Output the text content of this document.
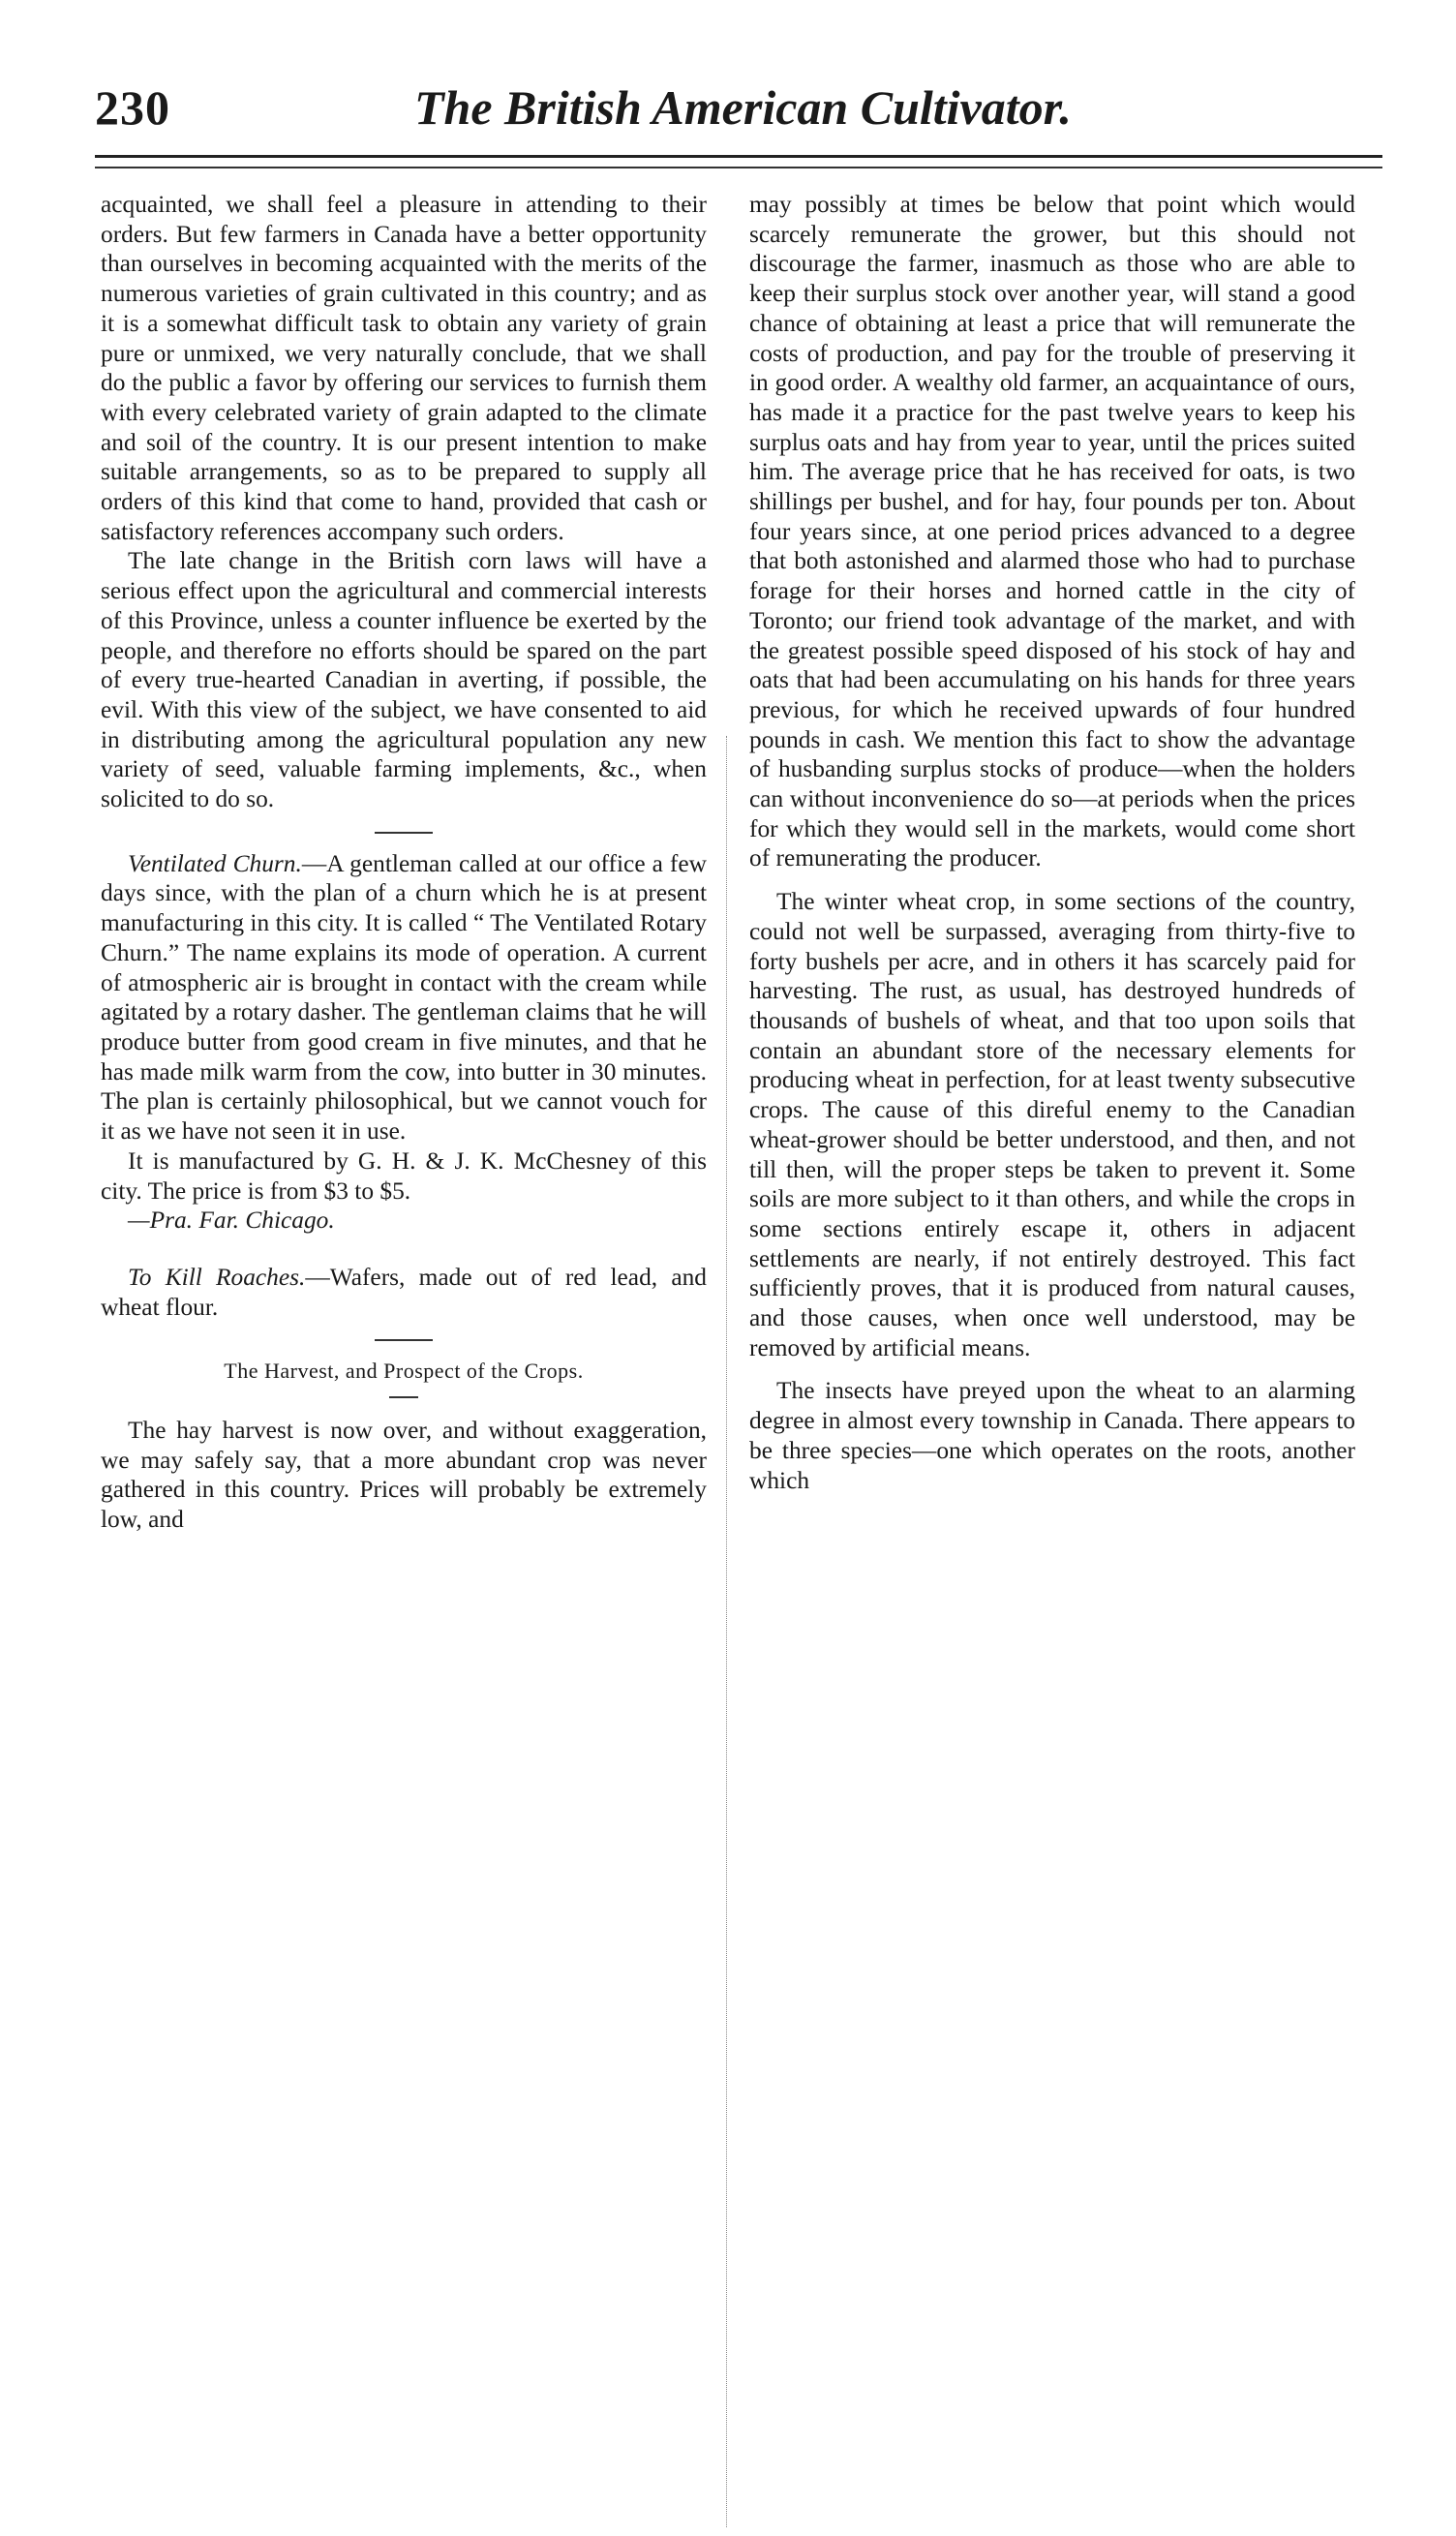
230	The British American Cultivator.

acquainted, we shall feel a pleasure in attending to their orders. But few farmers in Canada have a better opportunity than ourselves in becoming acquainted with the merits of the numerous varieties of grain cultivated in this country; and as it is a somewhat difficult task to obtain any variety of grain pure or unmixed, we very naturally conclude, that we shall do the public a favor by offering our services to furnish them with every celebrated variety of grain adapted to the climate and soil of the country. It is our present intention to make suitable arrangements, so as to be prepared to supply all orders of this kind that come to hand, provided that cash or satisfactory references accompany such orders.

The late change in the British corn laws will have a serious effect upon the agricultural and commercial interests of this Province, unless a counter influence be exerted by the people, and therefore no efforts should be spared on the part of every true-hearted Canadian in averting, if possible, the evil. With this view of the subject, we have consented to aid in distributing among the agricultural population any new variety of seed, valuable farming implements, &c., when solicited to do so.

Ventilated Churn.—A gentleman called at our office a few days since, with the plan of a churn which he is at present manufacturing in this city. It is called “ The Ventilated Rotary Churn.” The name explains its mode of operation. A current of atmospheric air is brought in contact with the cream while agitated by a rotary dasher. The gentleman claims that he will produce butter from good cream in five minutes, and that he has made milk warm from the cow, into butter in 30 minutes. The plan is certainly philosophical, but we cannot vouch for it as we have not seen it in use.

It is manufactured by G. H. & J. K. McChesney of this city. The price is from $3 to $5.

—Pra. Far. Chicago.

To Kill Roaches.—Wafers, made out of red lead, and wheat flour.

The Harvest, and Prospect of the Crops.

The hay harvest is now over, and without exaggeration, we may safely say, that a more abundant crop was never gathered in this country. Prices will probably be extremely low, and

may possibly at times be below that point which would scarcely remunerate the grower, but this should not discourage the farmer, inasmuch as those who are able to keep their surplus stock over another year, will stand a good chance of obtaining at least a price that will remunerate the costs of production, and pay for the trouble of preserving it in good order. A wealthy old farmer, an acquaintance of ours, has made it a practice for the past twelve years to keep his surplus oats and hay from year to year, until the prices suited him. The average price that he has received for oats, is two shillings per bushel, and for hay, four pounds per ton. About four years since, at one period prices advanced to a degree that both astonished and alarmed those who had to purchase forage for their horses and horned cattle in the city of Toronto; our friend took advantage of the market, and with the greatest possible speed disposed of his stock of hay and oats that had been accumulating on his hands for three years previous, for which he received upwards of four hundred pounds in cash. We mention this fact to show the advantage of husbanding surplus stocks of produce—when the holders can without inconvenience do so—at periods when the prices for which they would sell in the markets, would come short of remunerating the producer.

The winter wheat crop, in some sections of the country, could not well be surpassed, averaging from thirty-five to forty bushels per acre, and in others it has scarcely paid for harvesting. The rust, as usual, has destroyed hundreds of thousands of bushels of wheat, and that too upon soils that contain an abundant store of the necessary elements for producing wheat in perfection, for at least twenty subsecutive crops. The cause of this direful enemy to the Canadian wheat-grower should be better understood, and then, and not till then, will the proper steps be taken to prevent it. Some soils are more subject to it than others, and while the crops in some sections entirely escape it, others in adjacent settlements are nearly, if not entirely destroyed. This fact sufficiently proves, that it is produced from natural causes, and those causes, when once well understood, may be removed by artificial means.

The insects have preyed upon the wheat to an alarming degree in almost every township in Canada. There appears to be three species—one which operates on the roots, another which
